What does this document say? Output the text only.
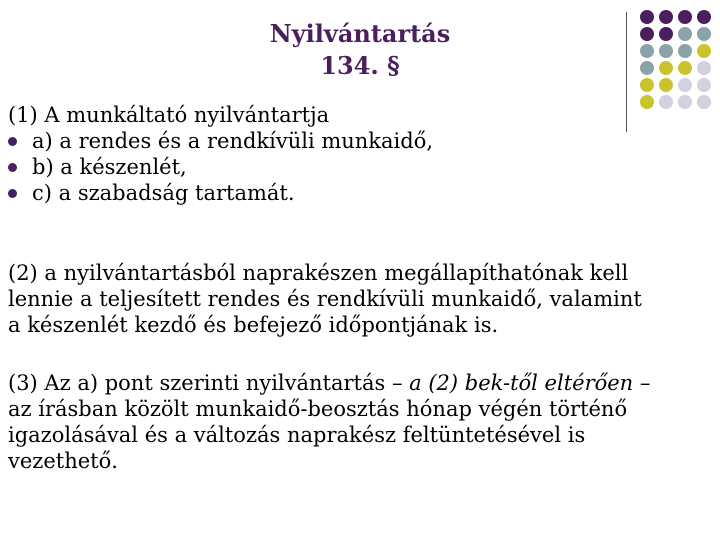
Nyilvántartás
134. §
(1) A munkáltató nyilvántartja
a) a rendes és a rendkívüli munkaidő,
b) a készenlét,
c) a szabadság tartamát.

(2) a nyilvántartásból naprakészen megállapíthatónak kell
lennie a teljesített rendes és rendkívüli munkaidő, valamint
a készenlét kezdő és befejező időpontjának is.

(3) Az a) pont szerinti nyilvántartás – a (2) bek-től eltérően –
az írásban közölt munkaidő-beosztás hónap végén történő
igazolásával és a változás naprakész feltüntetésével is
vezethető.
